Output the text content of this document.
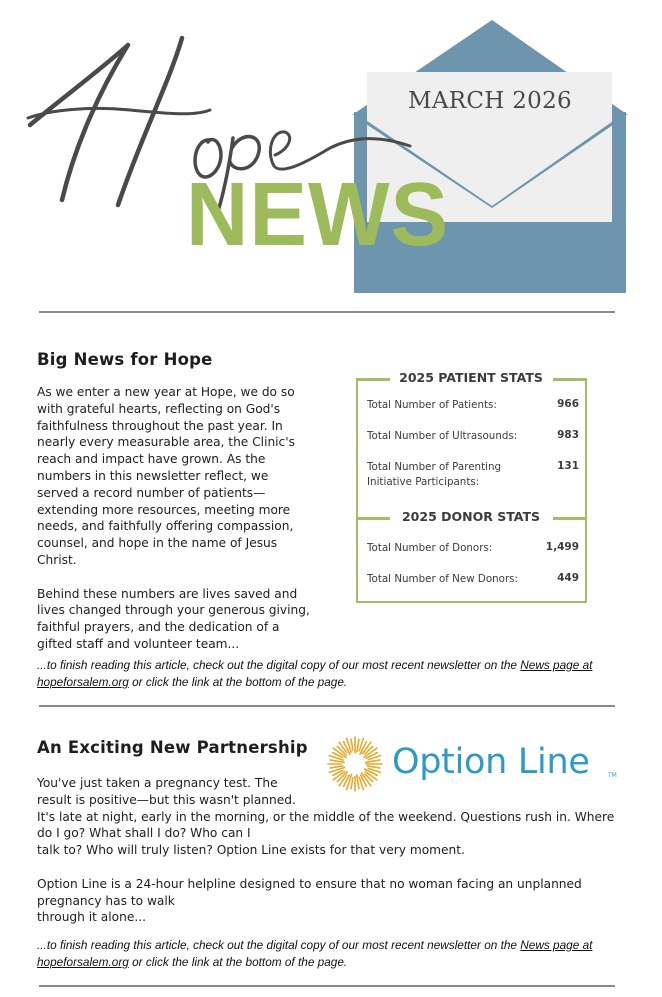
MARCH 2026
NEWS
Big News for Hope
As we enter a new year at Hope, we do so
with grateful hearts, reflecting on God's
faithfulness throughout the past year. In
nearly every measurable area, the Clinic's
reach and impact have grown. As the
numbers in this newsletter reflect, we
served a record number of patients—
extending more resources, meeting more
needs, and faithfully offering compassion,
counsel, and hope in the name of Jesus
Christ.
Behind these numbers are lives saved and
lives changed through your generous giving,
faithful prayers, and the dedication of a
gifted staff and volunteer team...
2025 PATIENT STATS
Total Number of Patients:	966
Total Number of Ultrasounds:	983
Total Number of Parenting Initiative Participants:
131
2025 DONOR STATS
Total Number of Donors:	1,499
Total Number of New Donors:	449
...to finish reading this article, check out the digital copy of our most recent newsletter on the News page at hopeforsalem.org or click the link at the bottom of the page.
An Exciting New Partnership Option Line	TM
You've just taken a pregnancy test. The
result is positive—but this wasn't planned.
It's late at night, early in the morning, or the middle of the weekend. Questions rush in. Where
do I go? What shall I do? Who can I
talk to? Who will truly listen? Option Line exists for that very moment.
Option Line is a 24-hour helpline designed to ensure that no woman facing an unplanned
pregnancy has to walk
through it alone...
...to finish reading this article, check out the digital copy of our most recent newsletter on the News page at hopeforsalem.org or click the link at the bottom of the page.
